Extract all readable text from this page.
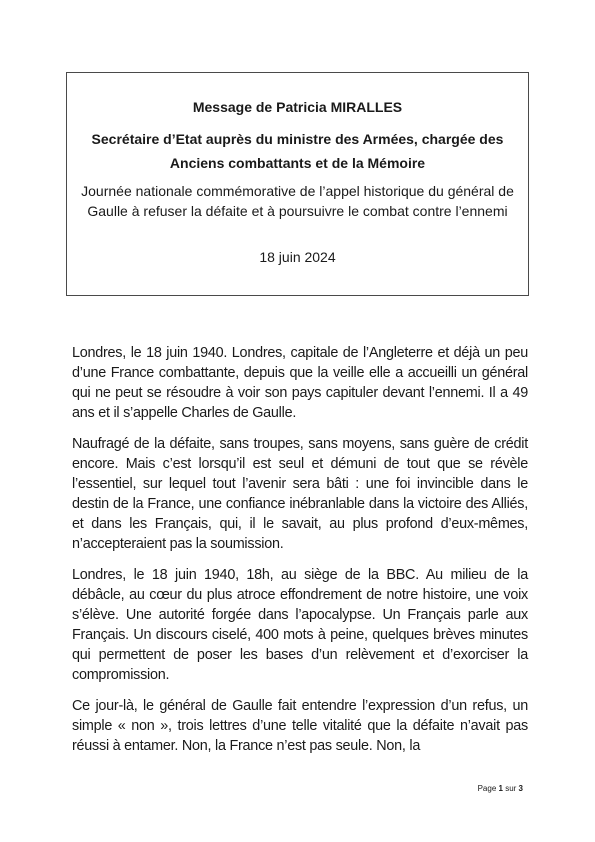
Message de Patricia MIRALLES
Secrétaire d’Etat auprès du ministre des Armées, chargée des Anciens combattants et de la Mémoire
Journée nationale commémorative de l’appel historique du général de Gaulle à refuser la défaite et à poursuivre le combat contre l’ennemi
18 juin 2024

Londres, le 18 juin 1940. Londres, capitale de l’Angleterre et déjà un peu d’une France combattante, depuis que la veille elle a accueilli un général qui ne peut se résoudre à voir son pays capituler devant l’ennemi. Il a 49 ans et il s’appelle Charles de Gaulle.

Naufragé de la défaite, sans troupes, sans moyens, sans guère de crédit encore. Mais c’est lorsqu’il est seul et démuni de tout que se révèle l’essentiel, sur lequel tout l’avenir sera bâti : une foi invincible dans le destin de la France, une confiance inébranlable dans la victoire des Alliés, et dans les Français, qui, il le savait, au plus profond d’eux-mêmes, n’accepteraient pas la soumission.

Londres, le 18 juin 1940, 18h, au siège de la BBC. Au milieu de la débâcle, au cœur du plus atroce effondrement de notre histoire, une voix s’élève. Une autorité forgée dans l’apocalypse. Un Français parle aux Français. Un discours ciselé, 400 mots à peine, quelques brèves minutes qui permettent de poser les bases d’un relèvement et d’exorciser la compromission.

Ce jour-là, le général de Gaulle fait entendre l’expression d’un refus, un simple « non », trois lettres d’une telle vitalité que la défaite n’avait pas réussi à entamer. Non, la France n’est pas seule. Non, la

Page 1 sur 3
